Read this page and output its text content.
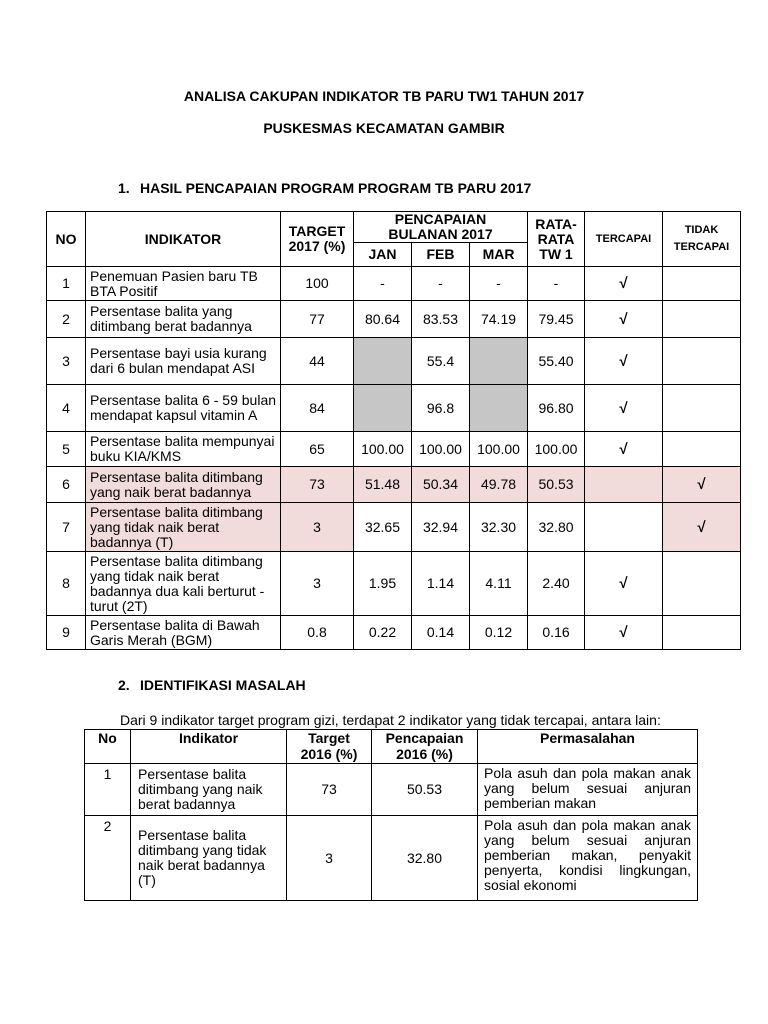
ANALISA CAKUPAN INDIKATOR TB PARU TW1 TAHUN 2017
PUSKESMAS KECAMATAN GAMBIR
1. HASIL PENCAPAIAN PROGRAM PROGRAM TB PARU 2017
NO	INDIKATOR	TARGET 2017 (%)	PENCAPAIAN BULANAN 2017			RATA-RATA TW 1	TERCAPAI	TIDAK TERCAPAI
			JAN	FEB	MAR			
1	Penemuan Pasien baru TB BTA Positif	100	-	-	-	-	√	
2	Persentase balita yang ditimbang berat badannya	77	80.64	83.53	74.19	79.45	√	
3	Persentase bayi usia kurang dari 6 bulan mendapat ASI	44		55.4		55.40	√	
4	Persentase balita 6 - 59 bulan mendapat kapsul vitamin A	84		96.8		96.80	√	
5	Persentase balita mempunyai buku KIA/KMS	65	100.00	100.00	100.00	100.00	√	
6	Persentase balita ditimbang yang naik berat badannya	73	51.48	50.34	49.78	50.53		√
7	Persentase balita ditimbang yang tidak naik berat badannya (T)	3	32.65	32.94	32.30	32.80		√
8	Persentase balita ditimbang yang tidak naik berat badannya dua kali berturut - turut (2T)	3	1.95	1.14	4.11	2.40	√	
9	Persentase balita di Bawah Garis Merah (BGM)	0.8	0.22	0.14	0.12	0.16	√	
2. IDENTIFIKASI MASALAH
Dari 9 indikator target program gizi, terdapat 2 indikator yang tidak tercapai, antara lain:
No	Indikator	Target 2016 (%)	Pencapaian 2016 (%)	Permasalahan
1	Persentase balita ditimbang yang naik berat badannya	73	50.53	Pola asuh dan pola makan anak yang belum sesuai anjuran pemberian makan
2	Persentase balita ditimbang yang tidak naik berat badannya (T)	3	32.80	Pola asuh dan pola makan anak yang belum sesuai anjuran pemberian makan, penyakit penyerta, kondisi lingkungan, sosial ekonomi
